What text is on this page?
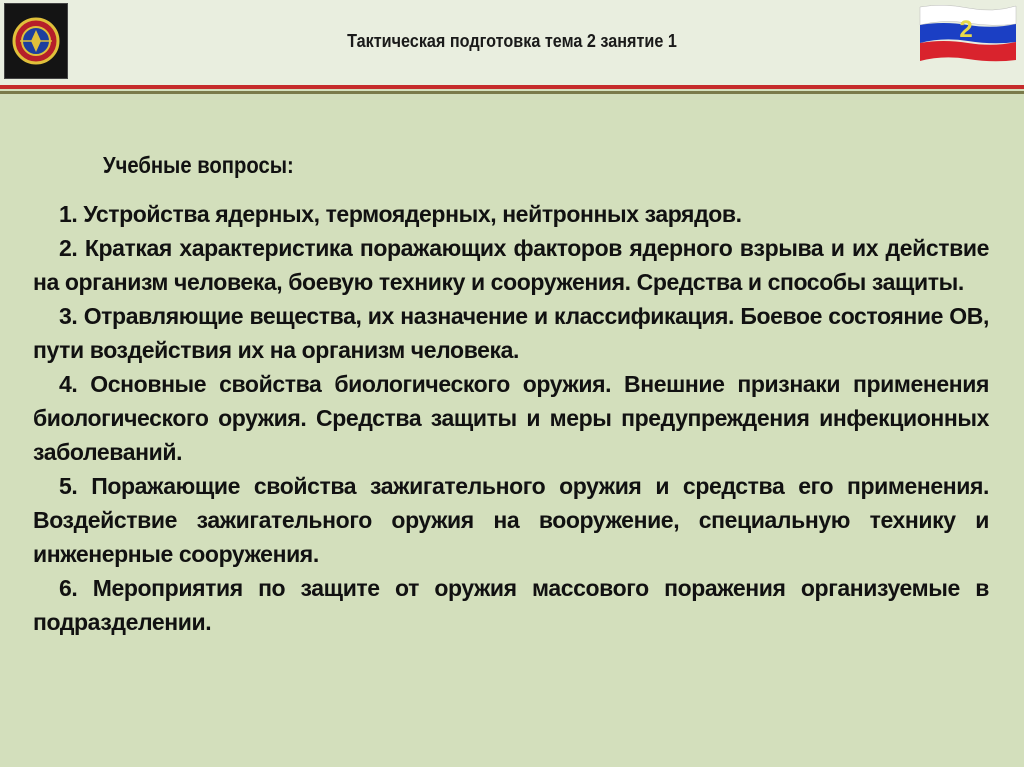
Тактическая подготовка тема 2 занятие 1	2
Учебные вопросы:

1. Устройства ядерных, термоядерных, нейтронных зарядов.

2. Краткая характеристика поражающих факторов ядерного взрыва и их действие на организм человека, боевую технику и сооружения. Средства и способы защиты.

3. Отравляющие вещества, их назначение и классификация. Боевое состояние ОВ, пути воздействия их на организм человека.

4. Основные свойства биологического оружия. Внешние признаки применения биологического оружия. Средства защиты и меры предупреждения инфекционных заболеваний.

5. Поражающие свойства зажигательного оружия и средства его применения. Воздействие зажигательного оружия на вооружение, специальную технику и инженерные сооружения.

6. Мероприятия по защите от оружия массового поражения организуемые в подразделении.
